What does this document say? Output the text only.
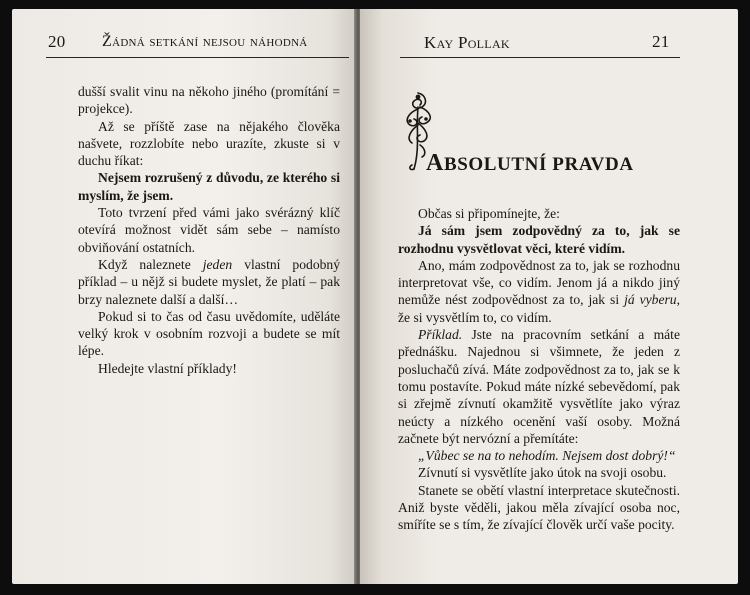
20 Žádná setkání nejsou náhodná

dušší svalit vinu na někoho jiného (promítání = projekce).

Až se příště zase na nějakého člověka našvete, rozzlobíte nebo urazíte, zkuste si v duchu říkat:

Nejsem rozrušený z důvodu, ze kterého si myslím, že jsem.

Toto tvrzení před vámi jako svérázný klíč otevírá možnost vidět sám sebe – namísto obviňování ostatních.

Když naleznete jeden vlastní podobný příklad – u nějž si budete myslet, že platí – pak brzy naleznete další a další…

Pokud si to čas od času uvědomíte, uděláte velký krok v osobním rozvoji a budete se mít lépe.

Hledejte vlastní příklady!

Kay Pollak	21
ABSOLUTNÍ PRAVDA

Občas si připomínejte, že:

Já sám jsem zodpovědný za to, jak se rozhodnu vysvětlovat věci, které vidím.

Ano, mám zodpovědnost za to, jak se rozhodnu interpretovat vše, co vidím. Jenom já a nikdo jiný nemůže nést zodpovědnost za to, jak si já vyberu, že si vysvětlím to, co vidím.

Příklad. Jste na pracovním setkání a máte přednášku. Najednou si všimnete, že jeden z posluchačů zívá. Máte zodpovědnost za to, jak se k tomu postavíte. Pokud máte nízké sebevědomí, pak si zřejmě zívnutí okamžitě vysvětlíte jako výraz neúcty a nízkého ocenění vaší osoby. Možná začnete být nervózní a přemítáte:

„Vůbec se na to nehodím. Nejsem dost dobrý!“

Zívnutí si vysvětlíte jako útok na svoji osobu.

Stanete se obětí vlastní interpretace skutečnosti. Aniž byste věděli, jakou měla zívající osoba noc, smíříte se s tím, že zívající člověk určí vaše pocity.
